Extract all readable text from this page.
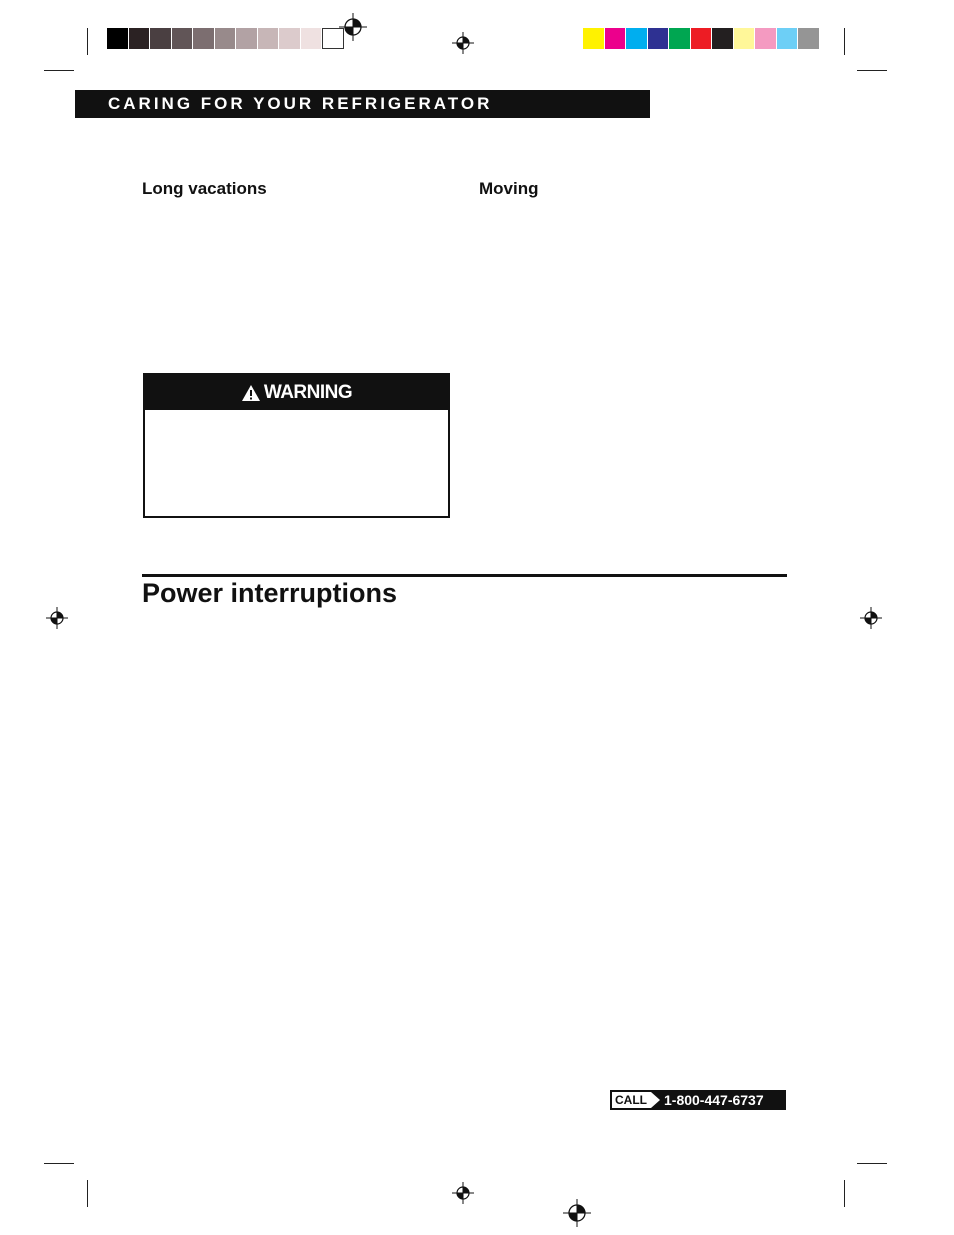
CARING FOR YOUR REFRIGERATOR
Long vacations	Moving
WARNING
Power interruptions
CALL 1-800-447-6737
